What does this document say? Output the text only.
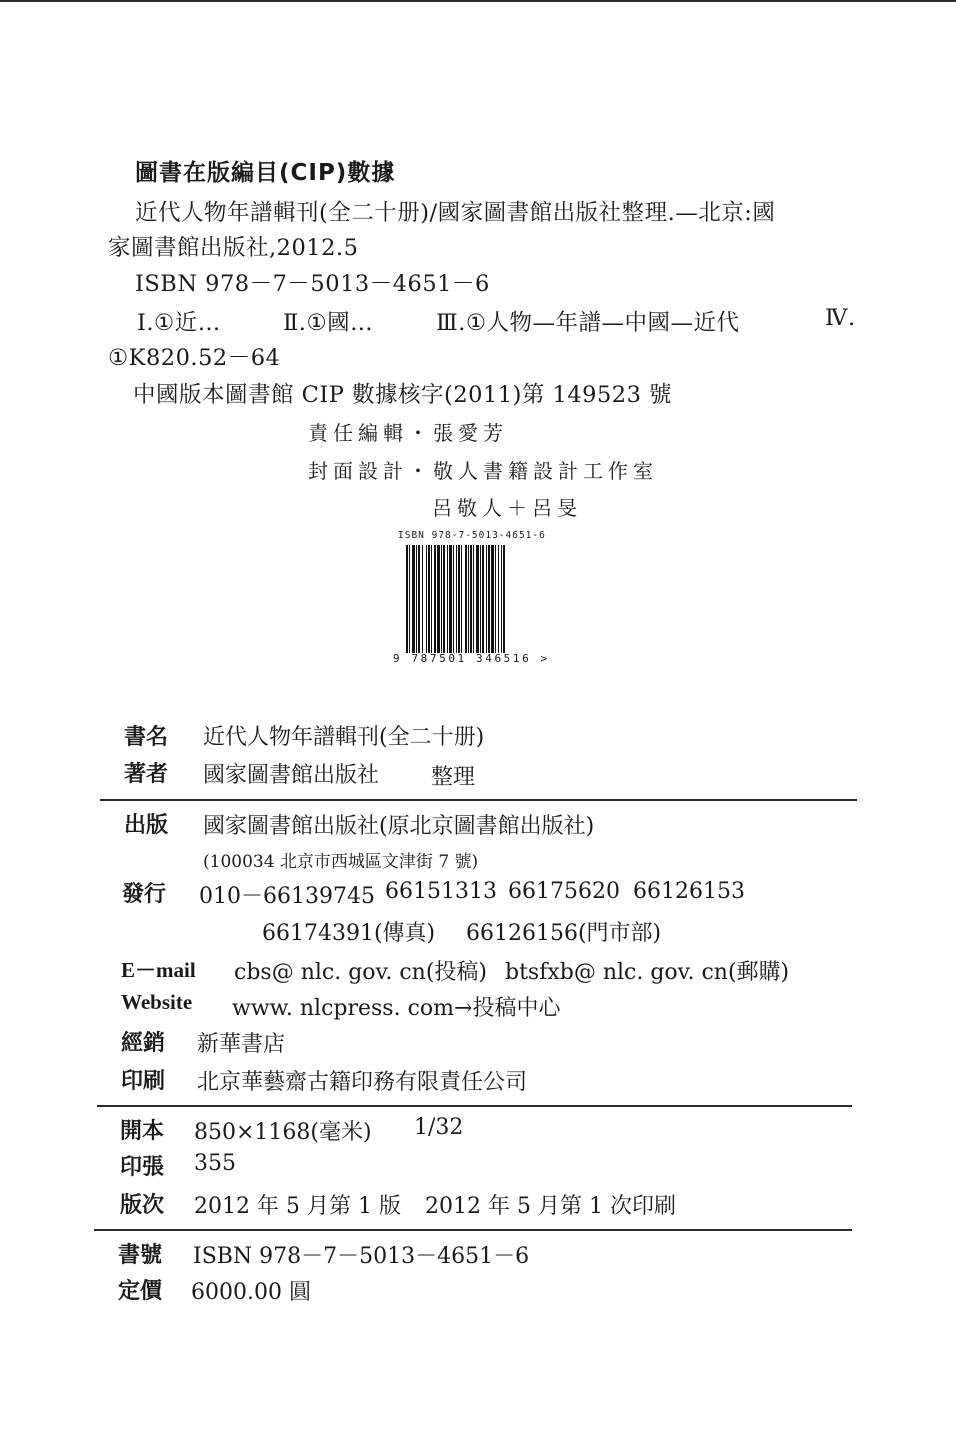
圖書在版編目(CIP)數據
近代人物年譜輯刊(全二十册)/國家圖書館出版社整理.—北京:國
家圖書館出版社,2012.5
ISBN 978－7－5013－4651－6
Ⅰ.①近…	Ⅱ.①國…	Ⅲ.①人物—年譜—中國—近代	Ⅳ.
①K820.52－64
中國版本圖書館 CIP 數據核字(2011)第 149523 號
責任編輯・張愛芳
封面設計・敬人書籍設計工作室
呂敬人＋呂旻
ISBN 978-7-5013-4651-6
9 787501 346516 >
書名 近代人物年譜輯刊(全二十册)
著者 國家圖書館出版社 整理
出版 國家圖書館出版社(原北京圖書館出版社)
(100034 北京市西城區文津街 7 號)
發行 010－66139745 66151313 66175620 66126153
66174391(傳真) 66126156(門市部)
E－mail cbs@ nlc. gov. cn(投稿) btsfxb@ nlc. gov. cn(郵購)
Website www. nlcpress. com→投稿中心
經銷 新華書店
印刷 北京華藝齋古籍印務有限責任公司
開本 850×1168(毫米) 1/32
印張 355
版次 2012 年 5 月第 1 版 2012 年 5 月第 1 次印刷
書號 ISBN 978－7－5013－4651－6
定價 6000.00 圓
